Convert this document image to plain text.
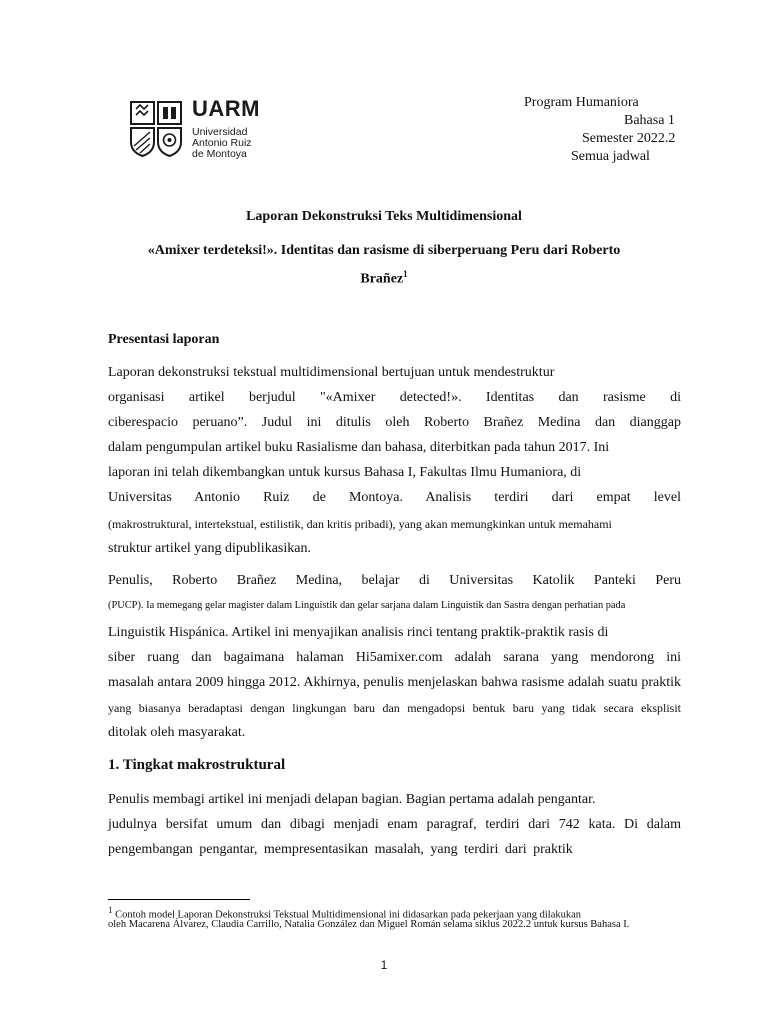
UARM
Universidad
Antonio Ruiz
de Montoya
Program Humaniora
Bahasa 1
Semester 2022.2
Semua jadwal
Laporan Dekonstruksi Teks Multidimensional
«Amixer terdeteksi!». Identitas dan rasisme di siberperuang Peru dari Roberto
Brañez$^1$
Presentasi laporan
Laporan dekonstruksi tekstual multidimensional bertujuan untuk mendestruktur
organisasi artikel berjudul "«Amixer detected!». Identitas dan rasisme di
ciberespacio peruano”. Judul ini ditulis oleh Roberto Brañez Medina dan dianggap
dalam pengumpulan artikel buku Rasialisme dan bahasa, diterbitkan pada tahun 2017. Ini
laporan ini telah dikembangkan untuk kursus Bahasa I, Fakultas Ilmu Humaniora, di
Universitas Antonio Ruiz de Montoya. Analisis terdiri dari empat level
(makrostruktural, intertekstual, estilistik, dan kritis pribadi), yang akan memungkinkan untuk memahami
struktur artikel yang dipublikasikan.
Penulis, Roberto Brañez Medina, belajar di Universitas Katolik Panteki Peru
(PUCP). Ia memegang gelar magister dalam Linguistik dan gelar sarjana dalam Linguistik dan Sastra dengan perhatian pada
Linguistik Hispánica. Artikel ini menyajikan analisis rinci tentang praktik-praktik rasis di
siber ruang dan bagaimana halaman Hi5amixer.com adalah sarana yang mendorong ini
masalah antara 2009 hingga 2012. Akhirnya, penulis menjelaskan bahwa rasisme adalah suatu praktik
yang biasanya beradaptasi dengan lingkungan baru dan mengadopsi bentuk baru yang tidak secara eksplisit
ditolak oleh masyarakat.
1. Tingkat makrostruktural
Penulis membagi artikel ini menjadi delapan bagian. Bagian pertama adalah pengantar.
judulnya bersifat umum dan dibagi menjadi enam paragraf, terdiri dari 742 kata. Di dalam
pengembangan pengantar, mempresentasikan masalah, yang terdiri dari praktik
$^1$ Contoh model Laporan Dekonstruksi Tekstual Multidimensional ini didasarkan pada pekerjaan yang dilakukan
oleh Macarena Álvarez, Claudia Carrillo, Natalia González dan Miguel Román selama siklus 2022.2 untuk kursus Bahasa I.
1
